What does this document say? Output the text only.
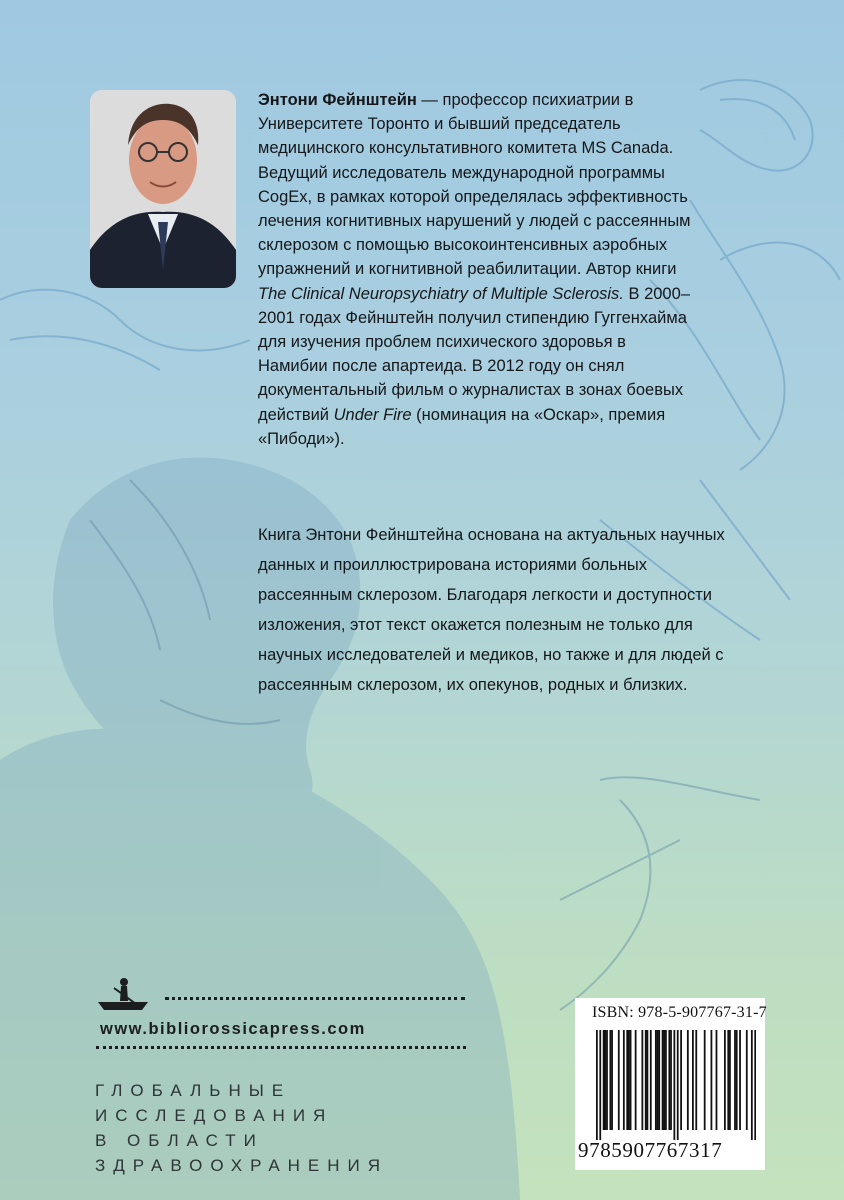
Энтони Фейнштейн — профессор психиатрии в Университете Торонто и бывший председатель медицинского консультативного комитета MS Canada. Ведущий исследователь международной программы CogEx, в рамках которой определялась эффективность лечения когнитивных нарушений у людей с рассеянным склерозом с помощью высокоинтенсивных аэробных упражнений и когнитивной реабилитации. Автор книги The Clinical Neuropsychiatry of Multiple Sclerosis. В 2000–2001 годах Фейнштейн получил стипендию Гуггенхайма для изучения проблем психического здоровья в Намибии после апартеида. В 2012 году он снял документальный фильм о журналистах в зонах боевых действий Under Fire (номинация на «Оскар», премия «Пибоди»).

Книга Энтони Фейнштейна основана на актуальных научных данных и проиллюстрирована историями больных рассеянным склерозом. Благодаря легкости и доступности изложения, этот текст окажется полезным не только для научных исследователей и медиков, но также и для людей с рассеянным склерозом, их опекунов, родных и близких.

www.bibliorossicapress.com
ГЛОБАЛЬНЫЕ
ИССЛЕДОВАНИЯ
В ОБЛАСТИ
ЗДРАВООХРАНЕНИЯ
ISBN: 978-5-907767-31-7
9785907767317
